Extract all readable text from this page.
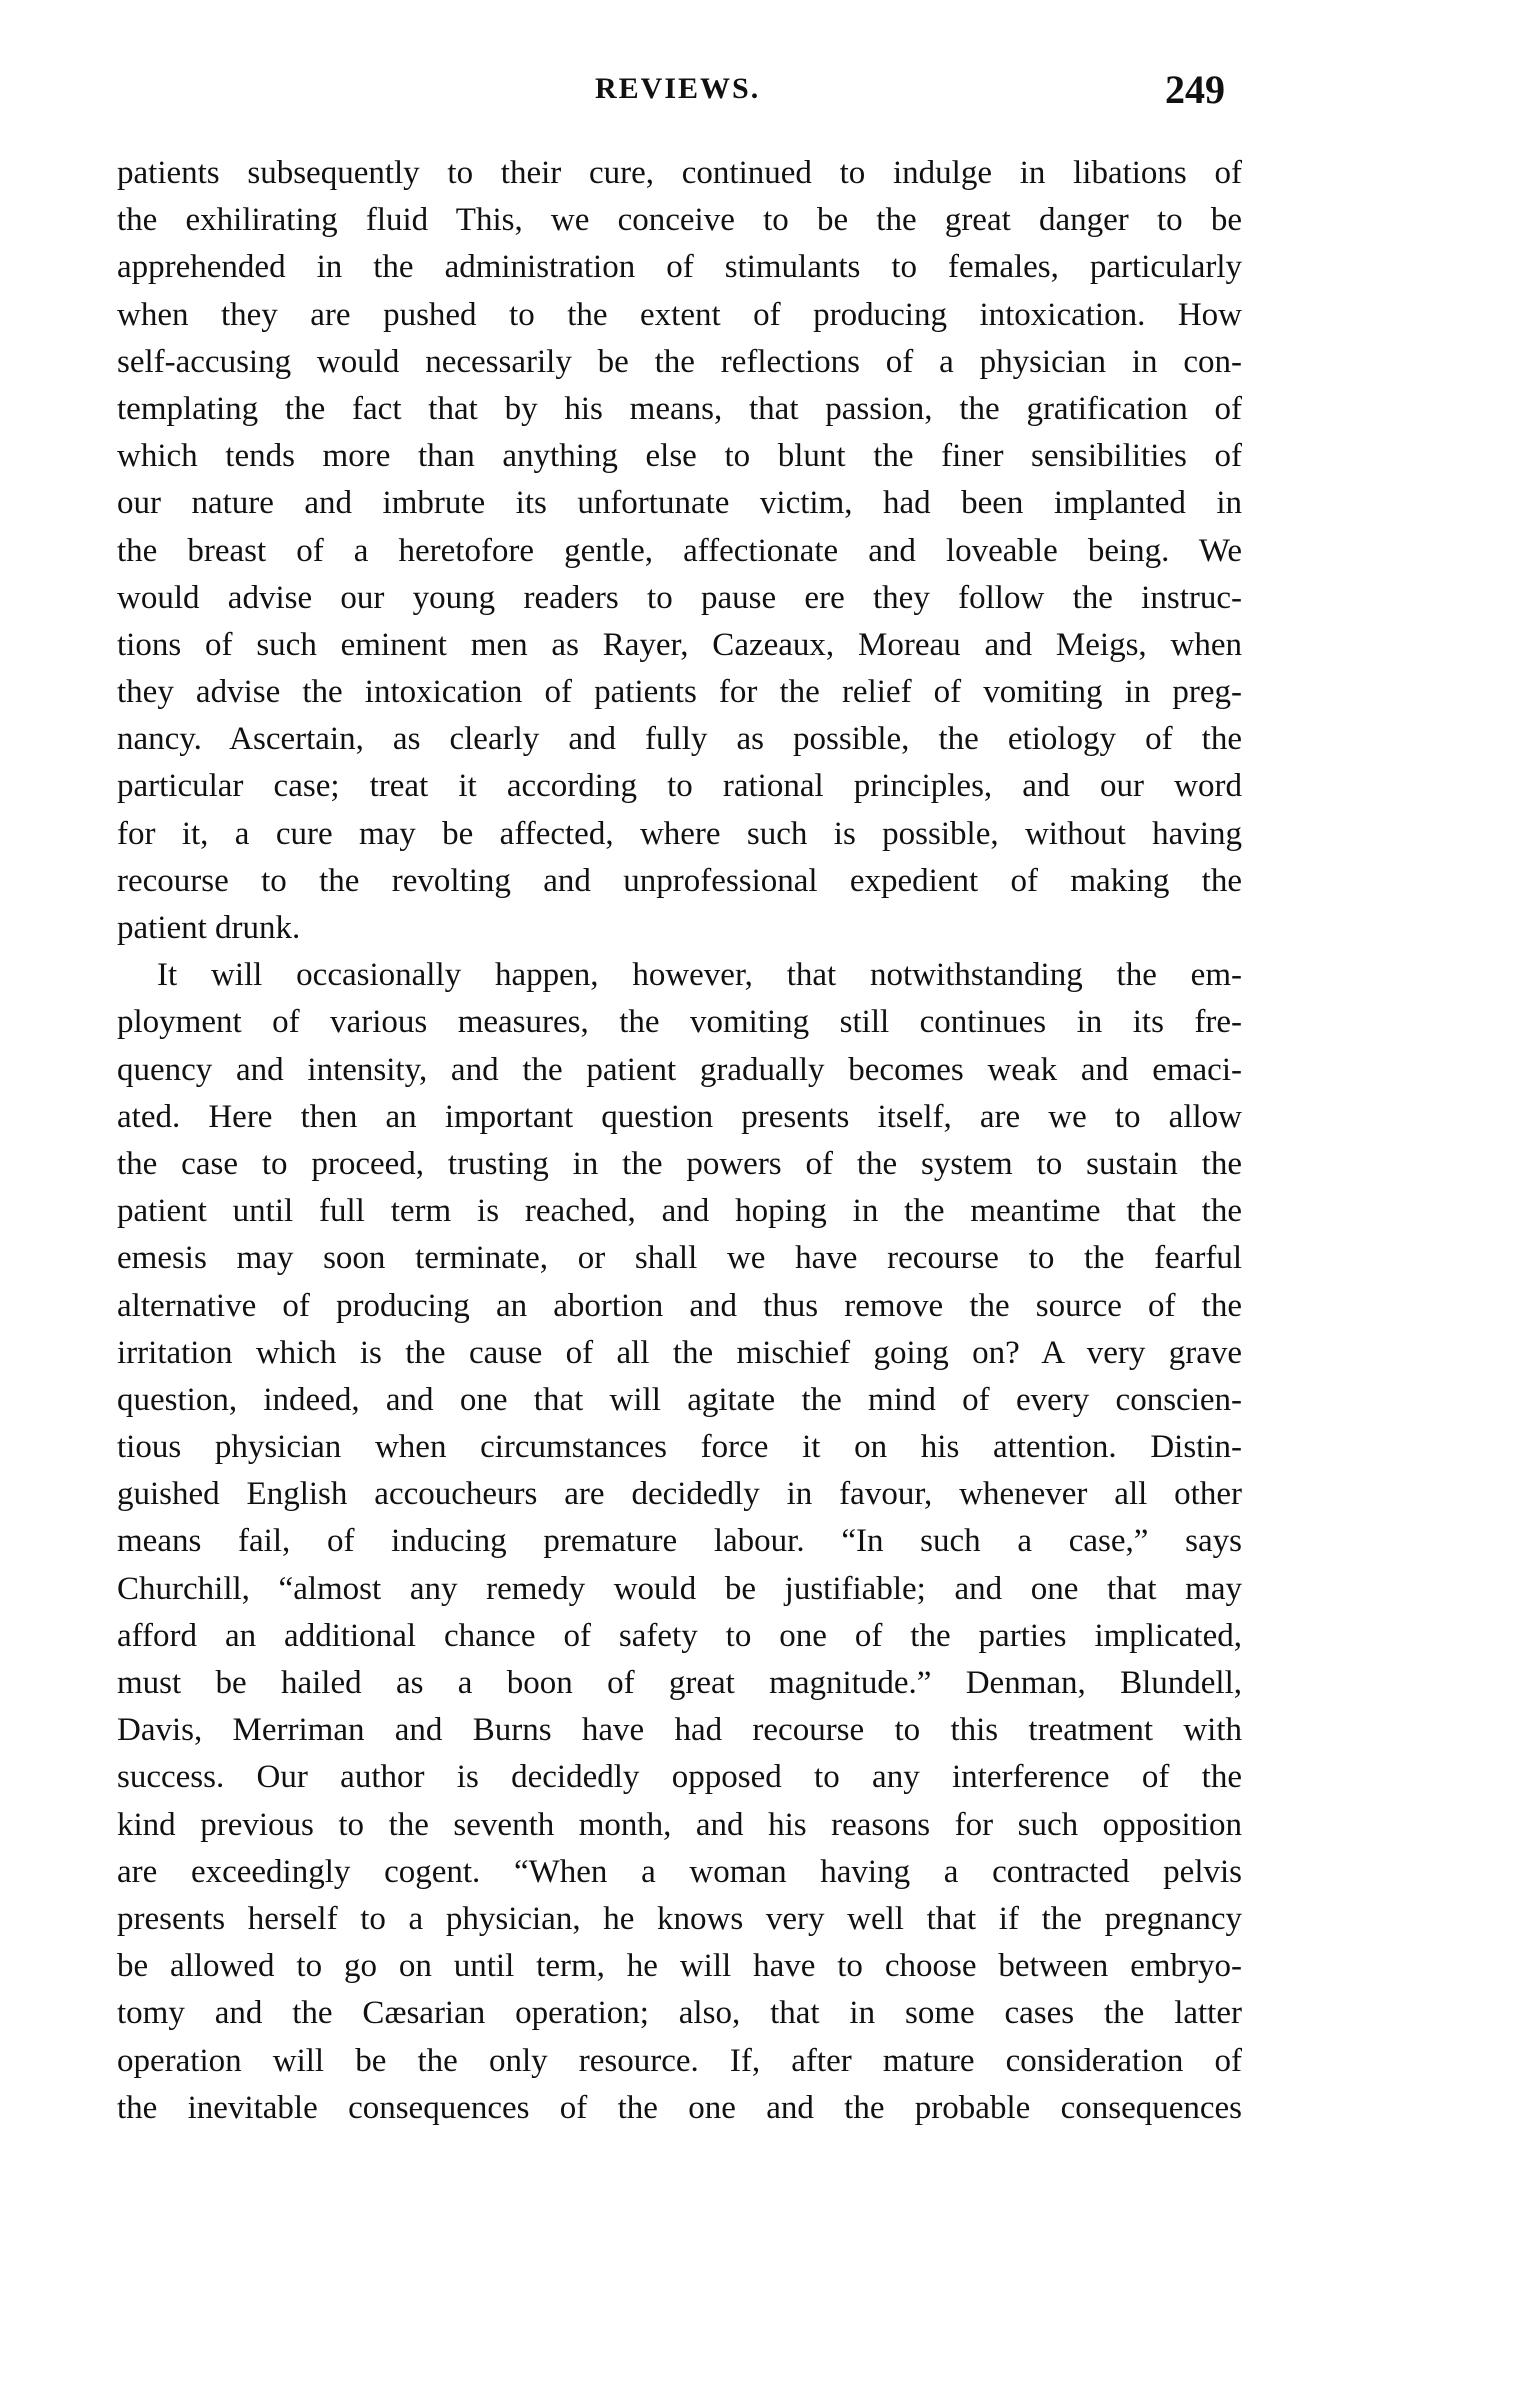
REVIEWS.	249
patients subsequently to their cure, continued to indulge in libations of
the exhilirating fluid This, we conceive to be the great danger to be
apprehended in the administration of stimulants to females, particularly
when they are pushed to the extent of producing intoxication. How
self-accusing would necessarily be the reflections of a physician in con-
templating the fact that by his means, that passion, the gratification of
which tends more than anything else to blunt the finer sensibilities of
our nature and imbrute its unfortunate victim, had been implanted in
the breast of a heretofore gentle, affectionate and loveable being. We
would advise our young readers to pause ere they follow the instruc-
tions of such eminent men as Rayer, Cazeaux, Moreau and Meigs, when
they advise the intoxication of patients for the relief of vomiting in preg-
nancy. Ascertain, as clearly and fully as possible, the etiology of the
particular case; treat it according to rational principles, and our word
for it, a cure may be affected, where such is possible, without having
recourse to the revolting and unprofessional expedient of making the
patient drunk.
It will occasionally happen, however, that notwithstanding the em-
ployment of various measures, the vomiting still continues in its fre-
quency and intensity, and the patient gradually becomes weak and emaci-
ated. Here then an important question presents itself, are we to allow
the case to proceed, trusting in the powers of the system to sustain the
patient until full term is reached, and hoping in the meantime that the
emesis may soon terminate, or shall we have recourse to the fearful
alternative of producing an abortion and thus remove the source of the
irritation which is the cause of all the mischief going on? A very grave
question, indeed, and one that will agitate the mind of every conscien-
tious physician when circumstances force it on his attention. Distin-
guished English accoucheurs are decidedly in favour, whenever all other
means fail, of inducing premature labour. “In such a case,” says
Churchill, “almost any remedy would be justifiable; and one that may
afford an additional chance of safety to one of the parties implicated,
must be hailed as a boon of great magnitude.” Denman, Blundell,
Davis, Merriman and Burns have had recourse to this treatment with
success. Our author is decidedly opposed to any interference of the
kind previous to the seventh month, and his reasons for such opposition
are exceedingly cogent. “When a woman having a contracted pelvis
presents herself to a physician, he knows very well that if the pregnancy
be allowed to go on until term, he will have to choose between embryo-
tomy and the Cæsarian operation; also, that in some cases the latter
operation will be the only resource. If, after mature consideration of
the inevitable consequences of the one and the probable consequences
